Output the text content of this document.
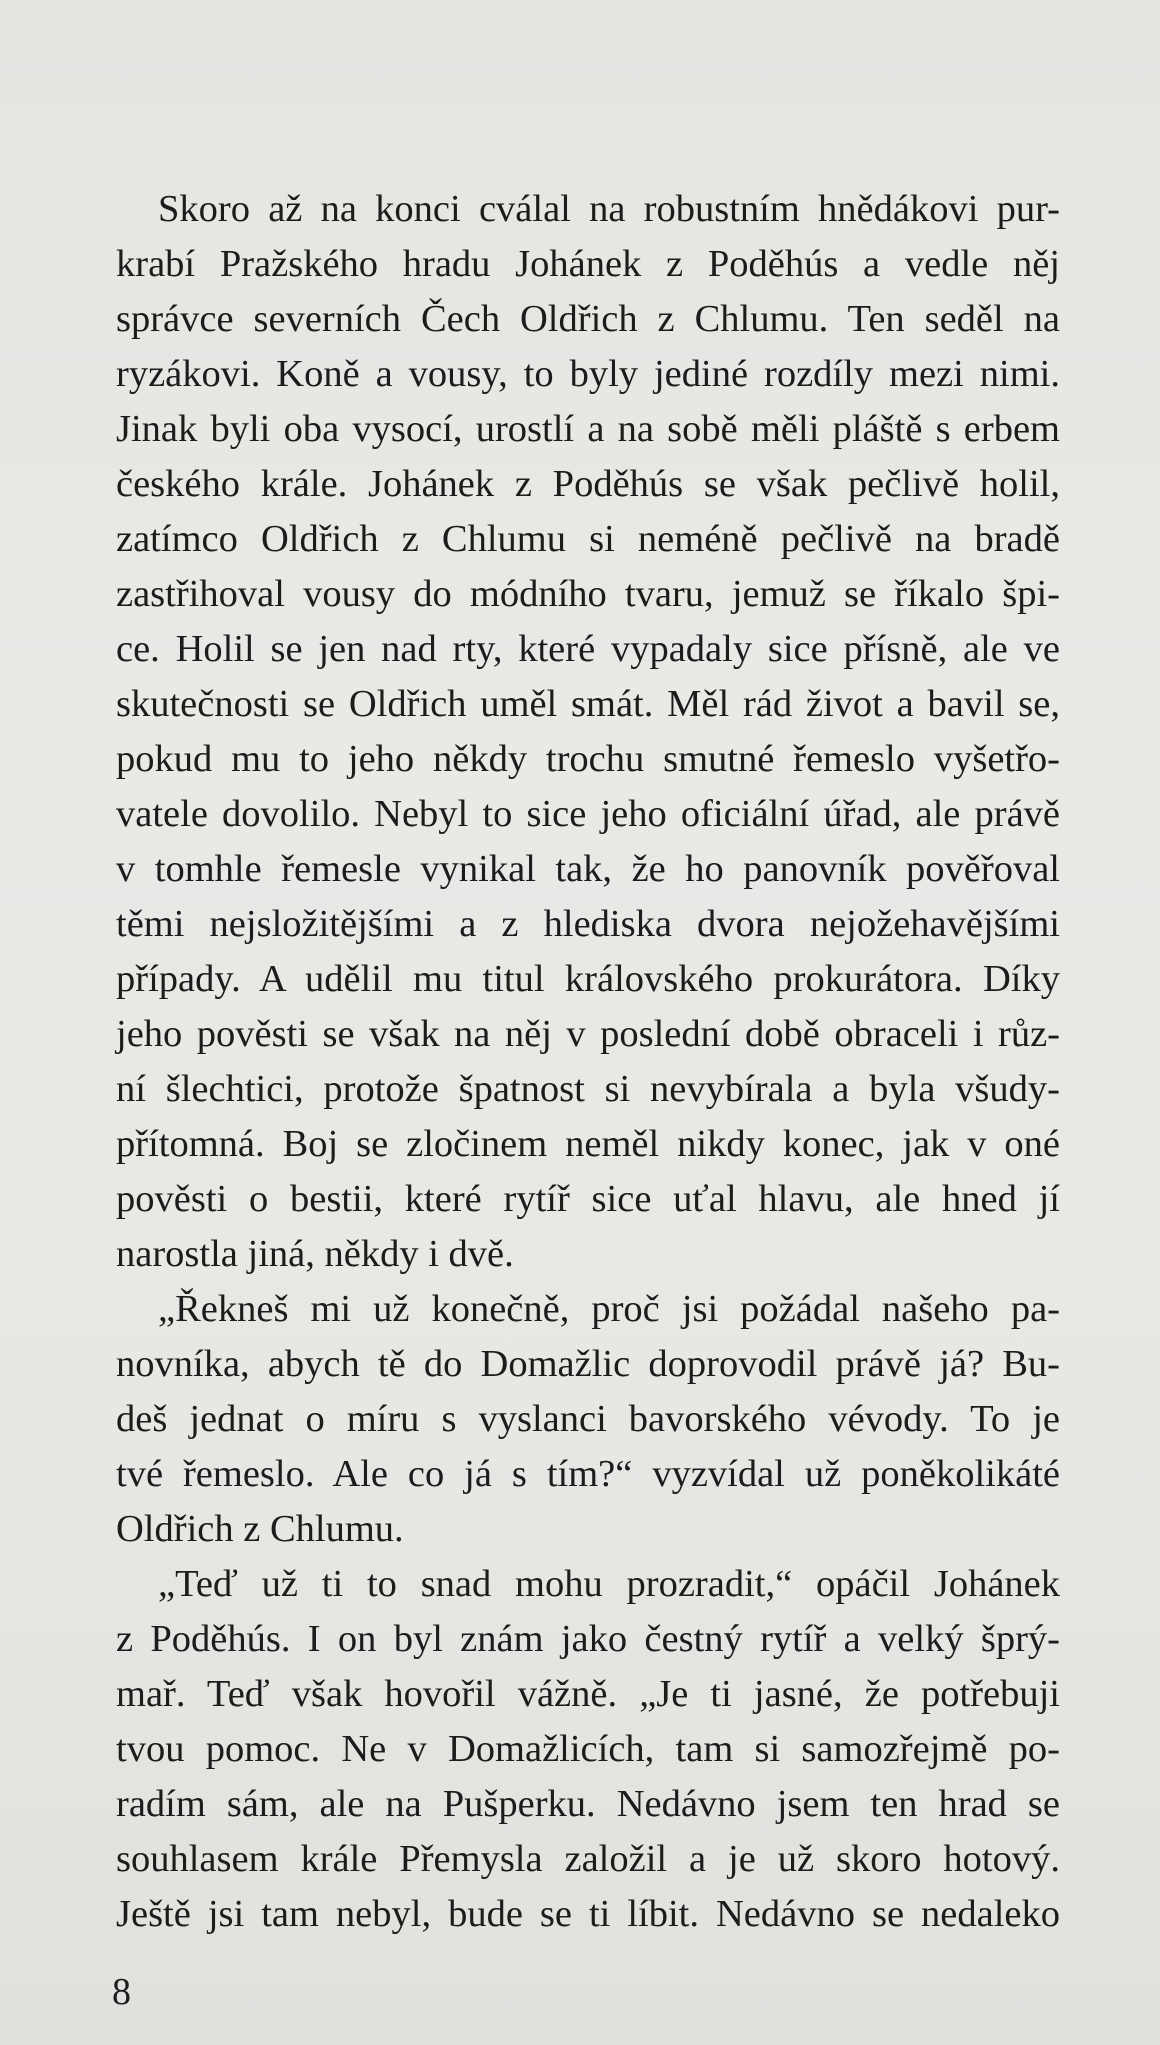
Skoro až na konci cválal na robustním hnědákovi pur-
krabí Pražského hradu Johánek z Poděhús a vedle něj
správce severních Čech Oldřich z Chlumu. Ten seděl na
ryzákovi. Koně a vousy, to byly jediné rozdíly mezi nimi.
Jinak byli oba vysocí, urostlí a na sobě měli pláště s erbem
českého krále. Johánek z Poděhús se však pečlivě holil,
zatímco Oldřich z Chlumu si neméně pečlivě na bradě
zastřihoval vousy do módního tvaru, jemuž se říkalo špi-
ce. Holil se jen nad rty, které vypadaly sice přísně, ale ve
skutečnosti se Oldřich uměl smát. Měl rád život a bavil se,
pokud mu to jeho někdy trochu smutné řemeslo vyšetřo-
vatele dovolilo. Nebyl to sice jeho oficiální úřad, ale právě
v tomhle řemesle vynikal tak, že ho panovník pověřoval
těmi nejsložitějšími a z hlediska dvora nejožehavějšími
případy. A udělil mu titul královského prokurátora. Díky
jeho pověsti se však na něj v poslední době obraceli i růz-
ní šlechtici, protože špatnost si nevybírala a byla všudy-
přítomná. Boj se zločinem neměl nikdy konec, jak v oné
pověsti o bestii, které rytíř sice uťal hlavu, ale hned jí
narostla jiná, někdy i dvě.
„Řekneš mi už konečně, proč jsi požádal našeho pa-
novníka, abych tě do Domažlic doprovodil právě já? Bu-
deš jednat o míru s vyslanci bavorského vévody. To je
tvé řemeslo. Ale co já s tím?“ vyzvídal už poněkolikáté
Oldřich z Chlumu.
„Teď už ti to snad mohu prozradit,“ opáčil Johánek
z Poděhús. I on byl znám jako čestný rytíř a velký šprý-
mař. Teď však hovořil vážně. „Je ti jasné, že potřebuji
tvou pomoc. Ne v Domažlicích, tam si samozřejmě po-
radím sám, ale na Pušperku. Nedávno jsem ten hrad se
souhlasem krále Přemysla založil a je už skoro hotový.
Ještě jsi tam nebyl, bude se ti líbit. Nedávno se nedaleko
8
